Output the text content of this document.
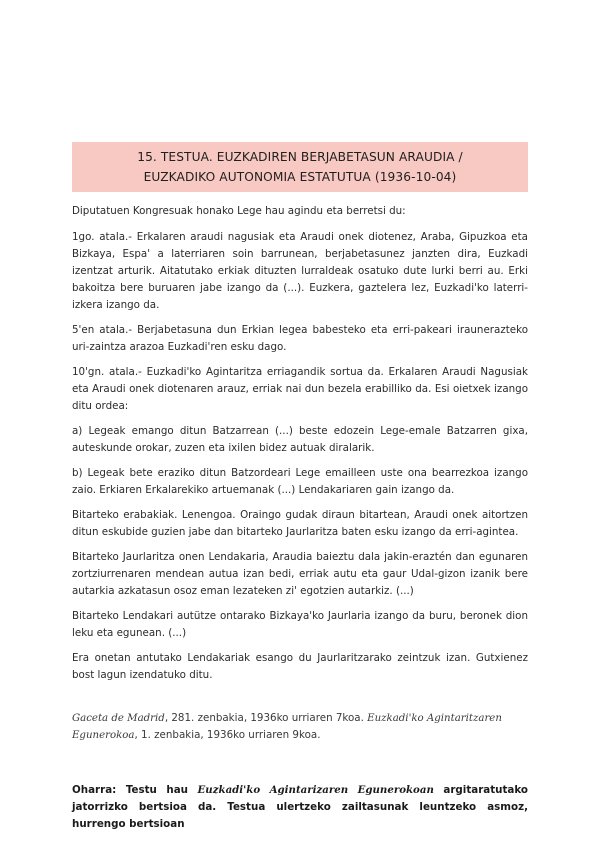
15. TESTUA. EUZKADIREN BERJABETASUN ARAUDIA /
EUZKADIKO AUTONOMIA ESTATUTUA (1936-10-04)

Diputatuen Kongresuak honako Lege hau agindu eta berretsi du:

1go. atala.- Erkalaren araudi nagusiak eta Araudi onek diotenez, Araba, Gipuzkoa eta Bizkaya, Espa' a laterriaren soin barrunean, berjabetasunez janzten dira, Euzkadi izentzat arturik. Aitatutako erkiak dituzten lurraldeak osatuko dute lurki berri au. Erki bakoitza bere buruaren jabe izango da (...). Euzkera, gaztelera lez, Euzkadi'ko laterri- izkera izango da.

5'en atala.- Berjabetasuna dun Erkian legea babesteko eta erri-pakeari iraunerazteko uri-zaintza arazoa Euzkadi'ren esku dago.

10'gn. atala.- Euzkadi'ko Agintaritza erriagandik sortua da. Erkalaren Araudi Nagusiak eta Araudi onek diotenaren arauz, erriak nai dun bezela erabilliko da. Esi oietxek izango ditu ordea:

a) Legeak emango ditun Batzarrean (...) beste edozein Lege-emale Batzarren gixa, auteskunde orokar, zuzen eta ixilen bidez autuak diralarik.

b) Legeak bete eraziko ditun Batzordeari Lege emailleen uste ona bearrezkoa izango zaio. Erkiaren Erkalarekiko artuemanak (...) Lendakariaren gain izango da.

Bitarteko erabakiak. Lenengoa. Oraingo gudak diraun bitartean, Araudi onek aitortzen ditun eskubide guzien jabe dan bitarteko Jaurlaritza baten esku izango da erri-agintea.

Bitarteko Jaurlaritza onen Lendakaria, Araudia baieztu dala jakin-eraztén dan egunaren zortziurrenaren mendean autua izan bedi, erriak autu eta gaur Udal-gizon izanik bere autarkia azkatasun osoz eman lezateken zi' egotzien autarkiz. (...)

Bitarteko Lendakari autütze ontarako Bizkaya'ko Jaurlaria izango da buru, beronek dion leku eta egunean. (...)

Era onetan antutako Lendakariak esango du Jaurlaritzarako zeintzuk izan. Gutxienez bost lagun izendatuko ditu.

Gaceta de Madrid, 281. zenbakia, 1936ko urriaren 7koa. Euzkadi'ko Agintaritzaren Egunerokoa, 1. zenbakia, 1936ko urriaren 9koa.

Oharra: Testu hau Euzkadi'ko Agintarizaren Egunerokoan argitaratutako jatorrizko bertsioa da. Testua ulertzeko zailtasunak leuntzeko asmoz, hurrengo bertsioan
